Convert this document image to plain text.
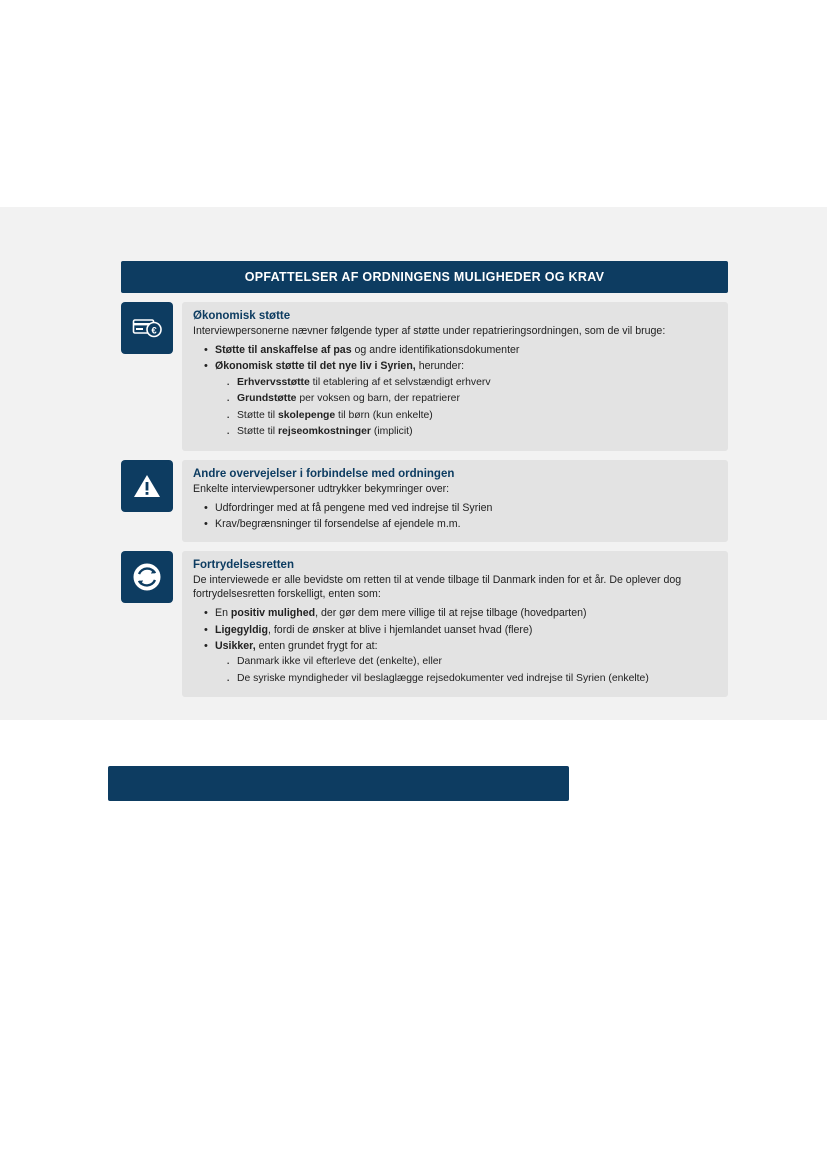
OPFATTELSER AF ORDNINGENS MULIGHEDER OG KRAV
€
Økonomisk støtte

Interviewpersonerne nævner følgende typer af støtte under repatrieringsordningen, som de vil bruge:

• Støtte til anskaffelse af pas og andre identifikationsdokumenter
• Økonomisk støtte til det nye liv i Syrien, herunder:
· Erhvervsstøtte til etablering af et selvstændigt erhverv
· Grundstøtte per voksen og barn, der repatrierer
· Støtte til skolepenge til børn (kun enkelte)
· Støtte til rejseomkostninger (implicit)
Andre overvejelser i forbindelse med ordningen

Enkelte interviewpersoner udtrykker bekymringer over:

• Udfordringer med at få pengene med ved indrejse til Syrien
• Krav/begrænsninger til forsendelse af ejendele m.m.
Fortrydelsesretten

De interviewede er alle bevidste om retten til at vende tilbage til Danmark inden for et år. De oplever dog fortrydelsesretten forskelligt, enten som:

• En positiv mulighed, der gør dem mere villige til at rejse tilbage (hovedparten)
• Ligegyldig, fordi de ønsker at blive i hjemlandet uanset hvad (flere)
• Usikker, enten grundet frygt for at:
· Danmark ikke vil efterleve det (enkelte), eller
· De syriske myndigheder vil beslaglægge rejsedokumenter ved indrejse til Syrien (enkelte)
